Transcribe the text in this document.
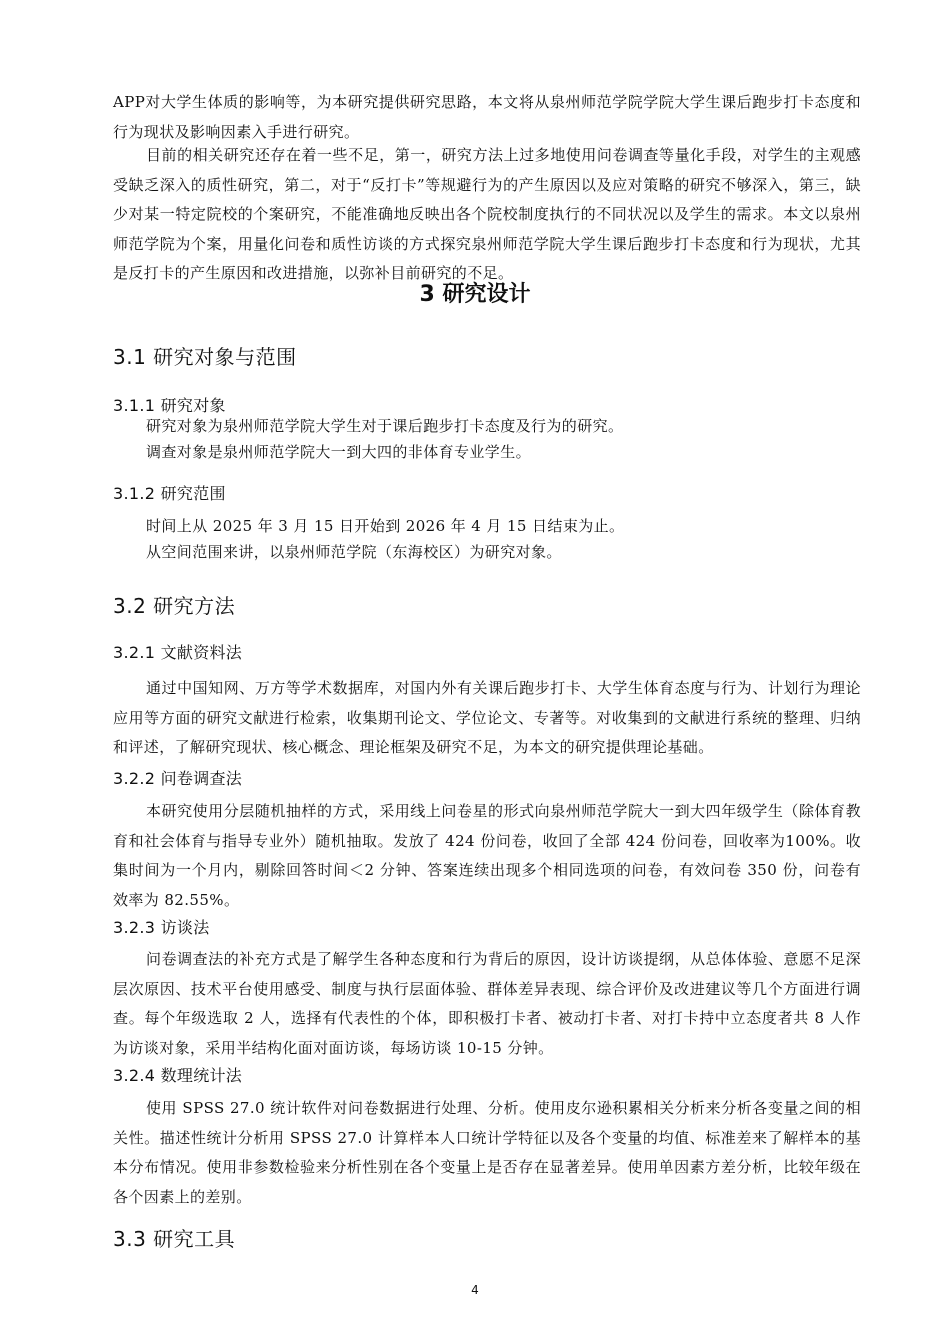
APP对大学生体质的影响等，为本研究提供研究思路，本文将从泉州师范学院学院大学生课后跑步打卡态度和行为现状及影响因素入手进行研究。

目前的相关研究还存在着一些不足，第一，研究方法上过多地使用问卷调查等量化手段，对学生的主观感受缺乏深入的质性研究，第二，对于“反打卡”等规避行为的产生原因以及应对策略的研究不够深入，第三，缺少对某一特定院校的个案研究，不能准确地反映出各个院校制度执行的不同状况以及学生的需求。本文以泉州师范学院为个案，用量化问卷和质性访谈的方式探究泉州师范学院大学生课后跑步打卡态度和行为现状，尤其是反打卡的产生原因和改进措施，以弥补目前研究的不足。

3 研究设计
3.1 研究对象与范围
3.1.1 研究对象

研究对象为泉州师范学院大学生对于课后跑步打卡态度及行为的研究。

调查对象是泉州师范学院大一到大四的非体育专业学生。

3.1.2 研究范围

时间上从 2025 年 3 月 15 日开始到 2026 年 4 月 15 日结束为止。

从空间范围来讲，以泉州师范学院（东海校区）为研究对象。

3.2 研究方法
3.2.1 文献资料法

通过中国知网、万方等学术数据库，对国内外有关课后跑步打卡、大学生体育态度与行为、计划行为理论应用等方面的研究文献进行检索，收集期刊论文、学位论文、专著等。对收集到的文献进行系统的整理、归纳和评述，了解研究现状、核心概念、理论框架及研究不足，为本文的研究提供理论基础。

3.2.2 问卷调查法

本研究使用分层随机抽样的方式，采用线上问卷星的形式向泉州师范学院大一到大四年级学生（除体育教育和社会体育与指导专业外）随机抽取。发放了 424 份问卷，收回了全部 424 份问卷，回收率为100%。收集时间为一个月内，剔除回答时间＜2 分钟、答案连续出现多个相同选项的问卷，有效问卷 350 份，问卷有效率为 82.55%。

3.2.3 访谈法

问卷调查法的补充方式是了解学生各种态度和行为背后的原因，设计访谈提纲，从总体体验、意愿不足深层次原因、技术平台使用感受、制度与执行层面体验、群体差异表现、综合评价及改进建议等几个方面进行调查。每个年级选取 2 人，选择有代表性的个体，即积极打卡者、被动打卡者、对打卡持中立态度者共 8 人作为访谈对象，采用半结构化面对面访谈，每场访谈 10-15 分钟。

3.2.4 数理统计法

使用 SPSS 27.0 统计软件对问卷数据进行处理、分析。使用皮尔逊积累相关分析来分析各变量之间的相关性。描述性统计分析用 SPSS 27.0 计算样本人口统计学特征以及各个变量的均值、标准差来了解样本的基本分布情况。使用非参数检验来分析性别在各个变量上是否存在显著差异。使用单因素方差分析，比较年级在各个因素上的差别。

3.3 研究工具
4
